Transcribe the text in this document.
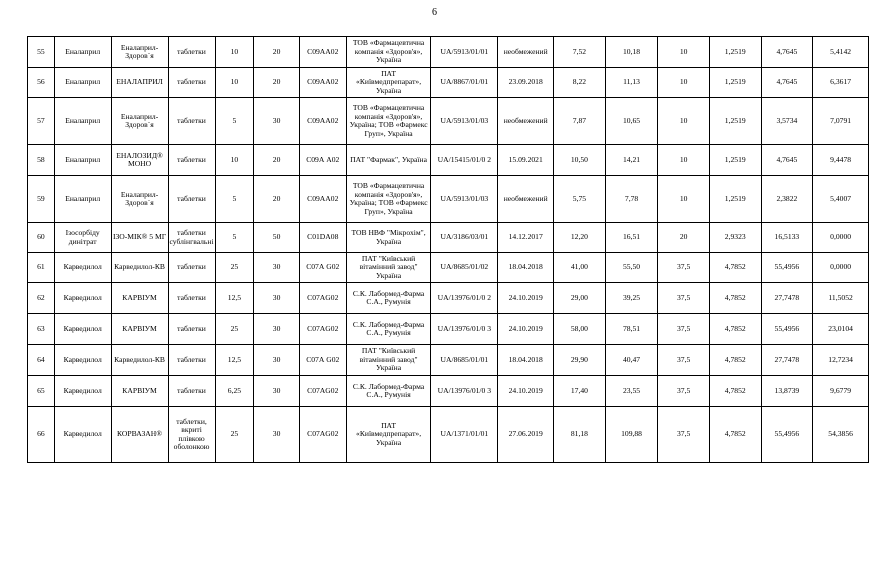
6
55	Еналаприл	Еналаприл-Здоров`я	таблетки	10	20	С09АА02	ТОВ «Фармацевтична компанія «Здоров'я», Україна	UA/5913/01/01	необмежений	7,52	10,18	10	1,2519	4,7645	5,4142
56	Еналаприл	ЕНАЛАПРИЛ	таблетки	10	20	С09АА02	ПАТ «Київмедпрепарат», Україна	UA/8867/01/01	23.09.2018	8,22	11,13	10	1,2519	4,7645	6,3617
57	Еналаприл	Еналаприл-Здоров`я	таблетки	5	30	С09АА02	ТОВ «Фармацевтична компанія «Здоров'я», Україна; ТОВ «Фармекс Груп», Україна	UA/5913/01/03	необмежений	7,87	10,65	10	1,2519	3,5734	7,0791
58	Еналаприл	ЕНАЛОЗИД® МОНО	таблетки	10	20	С09А А02	ПАТ "Фармак", Україна	UA/15415/01/0 2	15.09.2021	10,50	14,21	10	1,2519	4,7645	9,4478
59	Еналаприл	Еналаприл-Здоров`я	таблетки	5	20	С09АА02	ТОВ «Фармацевтична компанія «Здоров'я», Україна; ТОВ «Фармекс Груп», Україна	UA/5913/01/03	необмежений	5,75	7,78	10	1,2519	2,3822	5,4007
60	Ізосорбіду динітрат	ІЗО-МІК® 5 МГ	таблетки сублінгвальні	5	50	С01DA08	ТОВ НВФ "Мікрохім", Україна	UA/3186/03/01	14.12.2017	12,20	16,51	20	2,9323	16,5133	0,0000
61	Карведилол	Карведилол-КВ	таблетки	25	30	С07А G02	ПАТ "Київський вітамінний завод" Україна	UA/8685/01/02	18.04.2018	41,00	55,50	37,5	4,7852	55,4956	0,0000
62	Карведилол	КАРВІУМ	таблетки	12,5	30	С07АG02	С.К. Лабормед-Фарма С.А., Румунія	UA/13976/01/0 2	24.10.2019	29,00	39,25	37,5	4,7852	27,7478	11,5052
63	Карведилол	КАРВІУМ	таблетки	25	30	С07АG02	С.К. Лабормед-Фарма С.А., Румунія	UA/13976/01/0 3	24.10.2019	58,00	78,51	37,5	4,7852	55,4956	23,0104
64	Карведилол	Карведилол-КВ	таблетки	12,5	30	С07А G02	ПАТ "Київський вітамінний завод" Україна	UA/8685/01/01	18.04.2018	29,90	40,47	37,5	4,7852	27,7478	12,7234
65	Карведилол	КАРВІУМ	таблетки	6,25	30	С07АG02	С.К. Лабормед-Фарма С.А., Румунія	UA/13976/01/0 3	24.10.2019	17,40	23,55	37,5	4,7852	13,8739	9,6779
66	Карведилол	КОРВАЗАН®	таблетки, вкриті плівкою оболонкою	25	30	С07АG02	ПАТ «Київмедпрепарат», Україна	UA/1371/01/01	27.06.2019	81,18	109,88	37,5	4,7852	55,4956	54,3856
